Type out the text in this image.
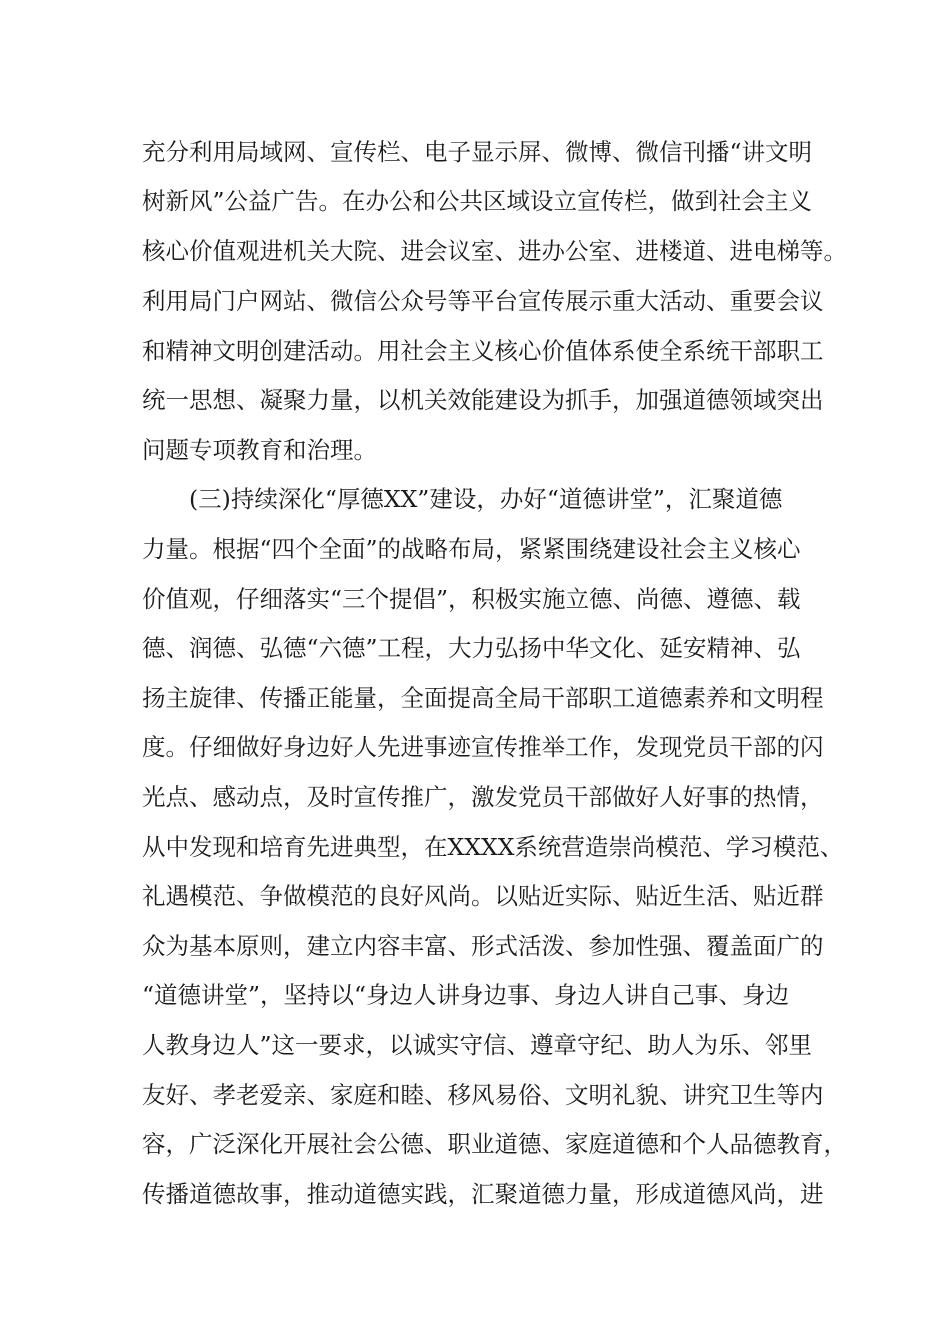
充分利用局域网、宣传栏、电子显示屏、微博、微信刊播“讲文明
树新风”公益广告。在办公和公共区域设立宣传栏，做到社会主义
核心价值观进机关大院、进会议室、进办公室、进楼道、进电梯等。
利用局门户网站、微信公众号等平台宣传展示重大活动、重要会议
和精神文明创建活动。用社会主义核心价值体系使全系统干部职工
统一思想、凝聚力量，以机关效能建设为抓手，加强道德领域突出
问题专项教育和治理。
(三)持续深化“厚德XX”建设，办好“道德讲堂”，汇聚道德
力量。根据“四个全面”的战略布局，紧紧围绕建设社会主义核心
价值观，仔细落实“三个提倡”，积极实施立德、尚德、遵德、载
德、润德、弘德“六德”工程，大力弘扬中华文化、延安精神、弘
扬主旋律、传播正能量，全面提高全局干部职工道德素养和文明程
度。仔细做好身边好人先进事迹宣传推举工作，发现党员干部的闪
光点、感动点，及时宣传推广，激发党员干部做好人好事的热情，
从中发现和培育先进典型，在XXXX系统营造崇尚模范、学习模范、
礼遇模范、争做模范的良好风尚。以贴近实际、贴近生活、贴近群
众为基本原则，建立内容丰富、形式活泼、参加性强、覆盖面广的
“道德讲堂”，坚持以“身边人讲身边事、身边人讲自己事、身边
人教身边人”这一要求，以诚实守信、遵章守纪、助人为乐、邻里
友好、孝老爱亲、家庭和睦、移风易俗、文明礼貌、讲究卫生等内
容，广泛深化开展社会公德、职业道德、家庭道德和个人品德教育，
传播道德故事，推动道德实践，汇聚道德力量，形成道德风尚，进
